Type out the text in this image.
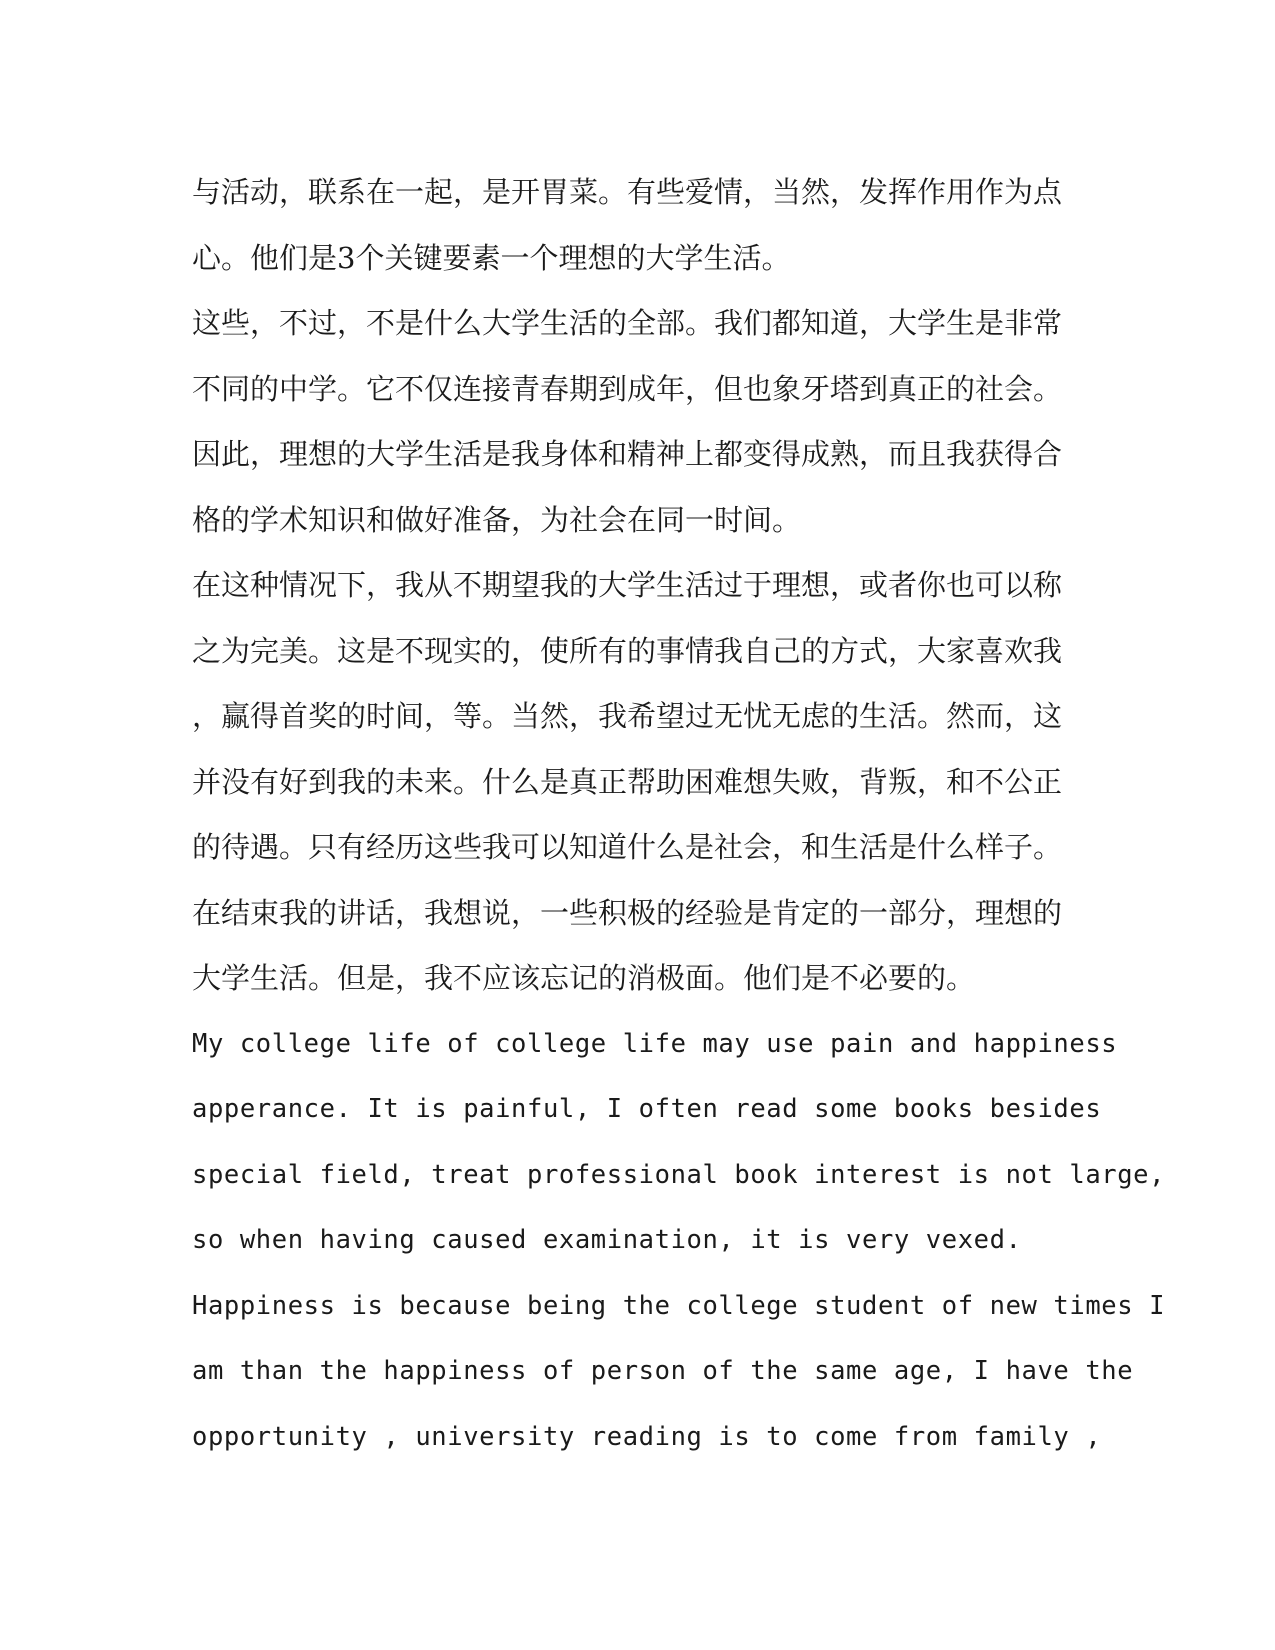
与活动，联系在一起，是开胃菜。有些爱情，当然，发挥作用作为点
心。他们是3个关键要素一个理想的大学生活。
这些，不过，不是什么大学生活的全部。我们都知道，大学生是非常
不同的中学。它不仅连接青春期到成年，但也象牙塔到真正的社会。
因此，理想的大学生活是我身体和精神上都变得成熟，而且我获得合
格的学术知识和做好准备，为社会在同一时间。
在这种情况下，我从不期望我的大学生活过于理想，或者你也可以称
之为完美。这是不现实的，使所有的事情我自己的方式，大家喜欢我
，赢得首奖的时间，等。当然，我希望过无忧无虑的生活。然而，这
并没有好到我的未来。什么是真正帮助困难想失败，背叛，和不公正
的待遇。只有经历这些我可以知道什么是社会，和生活是什么样子。
在结束我的讲话，我想说，一些积极的经验是肯定的一部分，理想的
大学生活。但是，我不应该忘记的消极面。他们是不必要的。
My college life of college life may use pain and happiness
apperance. It is painful, I often read some books besides
special field, treat professional book interest is not large,
so when having caused examination, it is very vexed.
Happiness is because being the college student of new times I
am than the happiness of person of the same age, I have the
opportunity , university reading is to come from family ,
